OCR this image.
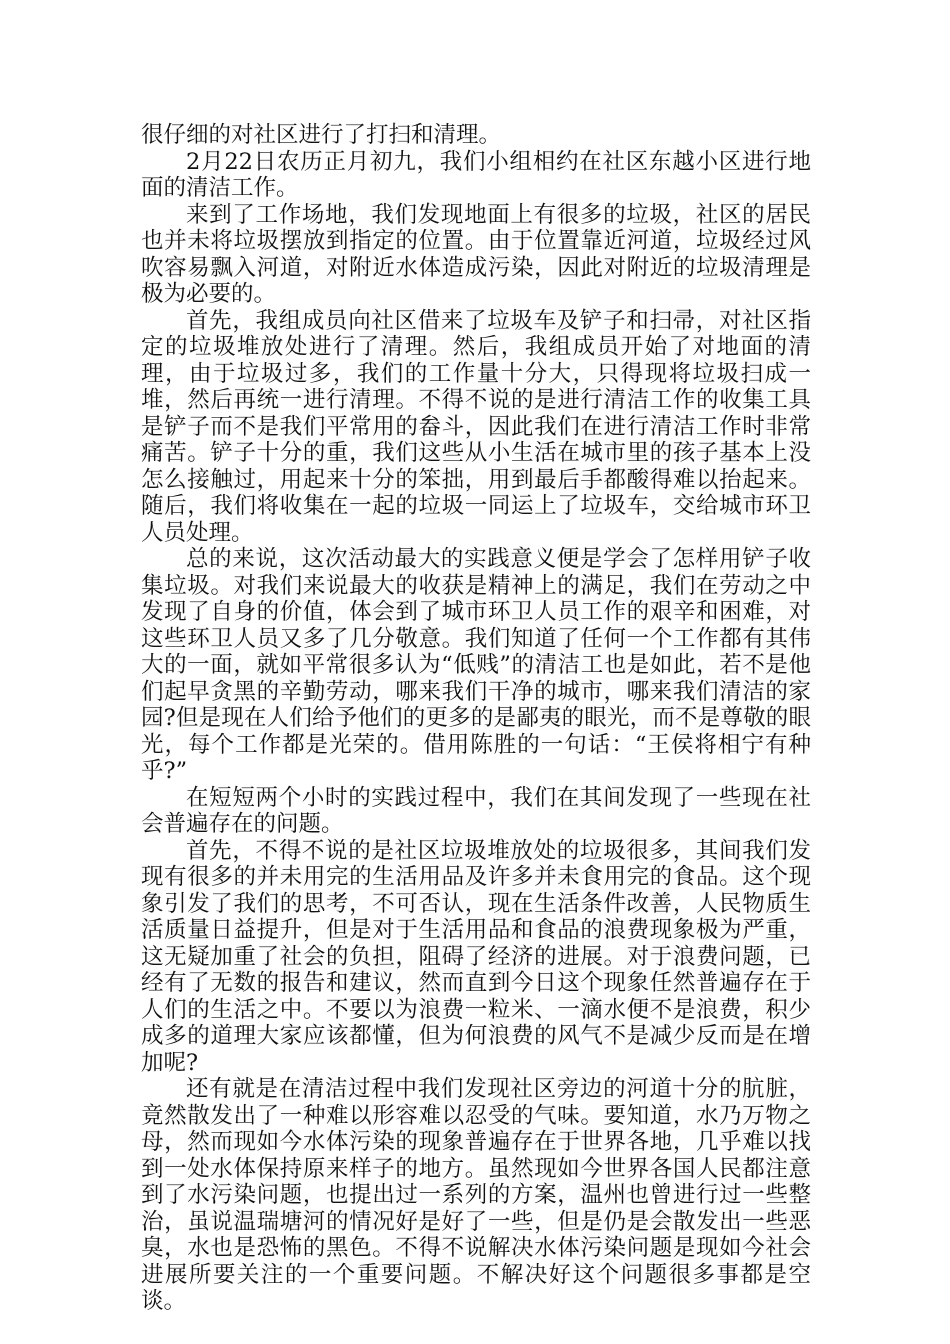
很仔细的对社区进行了打扫和清理。

2月22日农历正月初九，我们小组相约在社区东越小区进行地面的清洁工作。

来到了工作场地，我们发现地面上有很多的垃圾，社区的居民也并未将垃圾摆放到指定的位置。由于位置靠近河道，垃圾经过风吹容易飘入河道，对附近水体造成污染，因此对附近的垃圾清理是极为必要的。

首先，我组成员向社区借来了垃圾车及铲子和扫帚，对社区指定的垃圾堆放处进行了清理。然后，我组成员开始了对地面的清理，由于垃圾过多，我们的工作量十分大，只得现将垃圾扫成一堆，然后再统一进行清理。不得不说的是进行清洁工作的收集工具是铲子而不是我们平常用的畚斗，因此我们在进行清洁工作时非常痛苦。铲子十分的重，我们这些从小生活在城市里的孩子基本上没怎么接触过，用起来十分的笨拙，用到最后手都酸得难以抬起来。随后，我们将收集在一起的垃圾一同运上了垃圾车，交给城市环卫人员处理。

总的来说，这次活动最大的实践意义便是学会了怎样用铲子收集垃圾。对我们来说最大的收获是精神上的满足，我们在劳动之中发现了自身的价值，体会到了城市环卫人员工作的艰辛和困难，对这些环卫人员又多了几分敬意。我们知道了任何一个工作都有其伟大的一面，就如平常很多认为“低贱”的清洁工也是如此，若不是他们起早贪黑的辛勤劳动，哪来我们干净的城市，哪来我们清洁的家园?但是现在人们给予他们的更多的是鄙夷的眼光，而不是尊敬的眼光，每个工作都是光荣的。借用陈胜的一句话：“王侯将相宁有种乎?”

在短短两个小时的实践过程中，我们在其间发现了一些现在社会普遍存在的问题。

首先，不得不说的是社区垃圾堆放处的垃圾很多，其间我们发现有很多的并未用完的生活用品及许多并未食用完的食品。这个现象引发了我们的思考，不可否认，现在生活条件改善，人民物质生活质量日益提升，但是对于生活用品和食品的浪费现象极为严重，这无疑加重了社会的负担，阻碍了经济的进展。对于浪费问题，已经有了无数的报告和建议，然而直到今日这个现象任然普遍存在于人们的生活之中。不要以为浪费一粒米、一滴水便不是浪费，积少成多的道理大家应该都懂，但为何浪费的风气不是减少反而是在增加呢?

还有就是在清洁过程中我们发现社区旁边的河道十分的肮脏，竟然散发出了一种难以形容难以忍受的气味。要知道，水乃万物之母，然而现如今水体污染的现象普遍存在于世界各地，几乎难以找到一处水体保持原来样子的地方。虽然现如今世界各国人民都注意到了水污染问题，也提出过一系列的方案，温州也曾进行过一些整治，虽说温瑞塘河的情况好是好了一些，但是仍是会散发出一些恶臭，水也是恐怖的黑色。不得不说解决水体污染问题是现如今社会进展所要关注的一个重要问题。不解决好这个问题很多事都是空谈。
